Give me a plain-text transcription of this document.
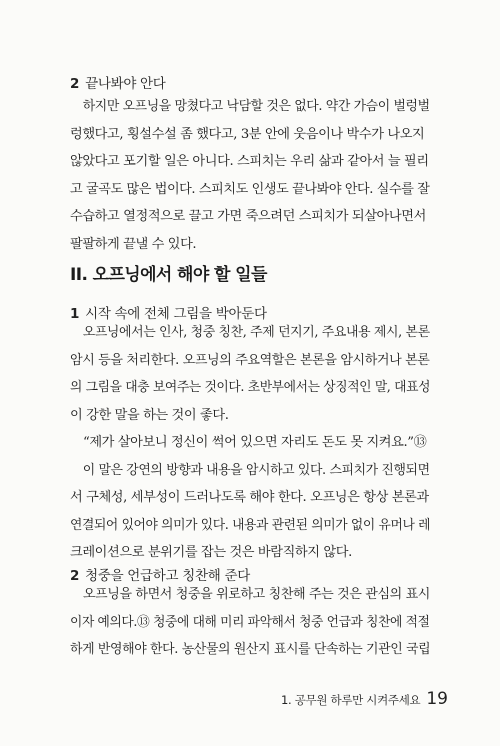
2 끝나봐야 안다
하지만 오프닝을 망쳤다고 낙담할 것은 없다. 약간 가슴이 벌렁벌
렁했다고, 횡설수설 좀 했다고, 3분 안에 웃음이나 박수가 나오지
않았다고 포기할 일은 아니다. 스피치는 우리 삶과 같아서 늘 필리
고 굴곡도 많은 법이다. 스피치도 인생도 끝나봐야 안다. 실수를 잘
수습하고 열정적으로 끌고 가면 죽으려던 스피치가 되살아나면서
팔팔하게 끝낼 수 있다.
II. 오프닝에서 해야 할 일들
1 시작 속에 전체 그림을 박아둔다
오프닝에서는 인사, 청중 칭찬, 주제 던지기, 주요내용 제시, 본론
암시 등을 처리한다. 오프닝의 주요역할은 본론을 암시하거나 본론
의 그림을 대충 보여주는 것이다. 초반부에서는 상징적인 말, 대표성
이 강한 말을 하는 것이 좋다.
“제가 살아보니 정신이 썩어 있으면 자리도 돈도 못 지켜요.”⑬
이 말은 강연의 방향과 내용을 암시하고 있다. 스피치가 진행되면
서 구체성, 세부성이 드러나도록 해야 한다. 오프닝은 항상 본론과
연결되어 있어야 의미가 있다. 내용과 관련된 의미가 없이 유머나 레
크레이션으로 분위기를 잡는 것은 바람직하지 않다.
2 청중을 언급하고 칭찬해 준다
오프닝을 하면서 청중을 위로하고 칭찬해 주는 것은 관심의 표시
이자 예의다.⑬ 청중에 대해 미리 파악해서 청중 언급과 칭찬에 적절
하게 반영해야 한다. 농산물의 원산지 표시를 단속하는 기관인 국립
1. 공무원 하루만 시켜주세요 19
